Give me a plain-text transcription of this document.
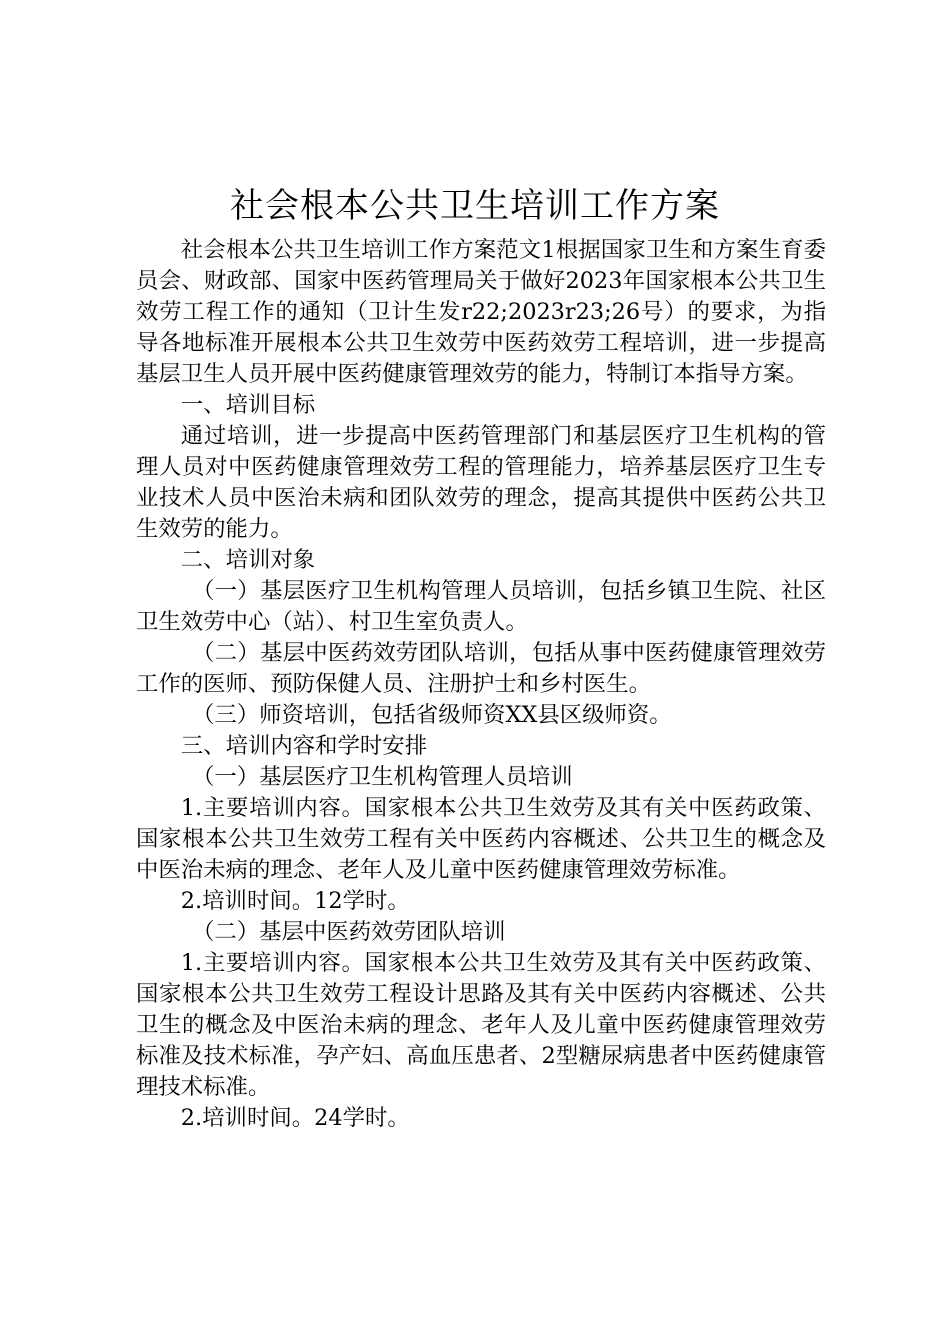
社会根本公共卫生培训工作方案

社会根本公共卫生培训工作方案范文1根据国家卫生和方案生育委员会、财政部、国家中医药管理局关于做好2023年国家根本公共卫生效劳工程工作的通知（卫计生发r22;2023r23;26号）的要求，为指导各地标准开展根本公共卫生效劳中医药效劳工程培训，进一步提高基层卫生人员开展中医药健康管理效劳的能力，特制订本指导方案。

一、培训目标

通过培训，进一步提高中医药管理部门和基层医疗卫生机构的管理人员对中医药健康管理效劳工程的管理能力，培养基层医疗卫生专业技术人员中医治未病和团队效劳的理念，提高其提供中医药公共卫生效劳的能力。

二、培训对象

（一）基层医疗卫生机构管理人员培训，包括乡镇卫生院、社区卫生效劳中心（站）、村卫生室负责人。

（二）基层中医药效劳团队培训，包括从事中医药健康管理效劳工作的医师、预防保健人员、注册护士和乡村医生。

（三）师资培训，包括省级师资XX县区级师资。

三、培训内容和学时安排

（一）基层医疗卫生机构管理人员培训

1.主要培训内容。国家根本公共卫生效劳及其有关中医药政策、国家根本公共卫生效劳工程有关中医药内容概述、公共卫生的概念及中医治未病的理念、老年人及儿童中医药健康管理效劳标准。

2.培训时间。12学时。

（二）基层中医药效劳团队培训

1.主要培训内容。国家根本公共卫生效劳及其有关中医药政策、国家根本公共卫生效劳工程设计思路及其有关中医药内容概述、公共卫生的概念及中医治未病的理念、老年人及儿童中医药健康管理效劳标准及技术标准，孕产妇、高血压患者、2型糖尿病患者中医药健康管理技术标准。

2.培训时间。24学时。
